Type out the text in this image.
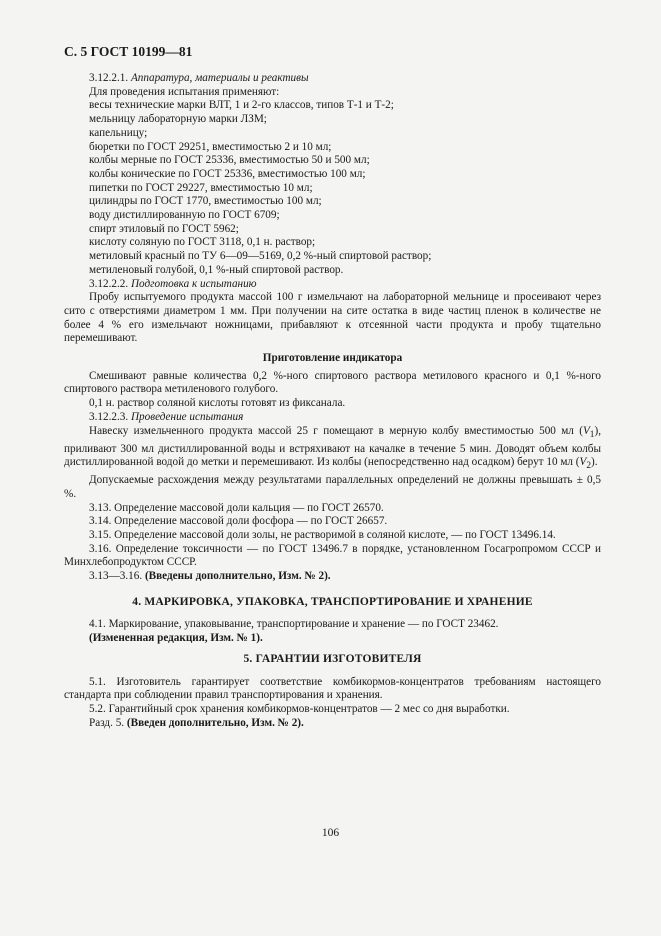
С. 5 ГОСТ 10199—81

3.12.2.1. Аппаратура, материалы и реактивы

Для проведения испытания применяют:

весы технические марки ВЛТ, 1 и 2-го классов, типов Т-1 и Т-2;

мельницу лабораторную марки ЛЗМ;

капельницу;

бюретки по ГОСТ 29251, вместимостью 2 и 10 мл;

колбы мерные по ГОСТ 25336, вместимостью 50 и 500 мл;

колбы конические по ГОСТ 25336, вместимостью 100 мл;

пипетки по ГОСТ 29227, вместимостью 10 мл;

цилиндры по ГОСТ 1770, вместимостью 100 мл;

воду дистиллированную по ГОСТ 6709;

спирт этиловый по ГОСТ 5962;

кислоту соляную по ГОСТ 3118, 0,1 н. раствор;

метиловый красный по ТУ 6—09—5169, 0,2 %-ный спиртовой раствор;

метиленовый голубой, 0,1 %-ный спиртовой раствор.

3.12.2.2. Подготовка к испытанию

Пробу испытуемого продукта массой 100 г измельчают на лабораторной мельнице и просеивают через сито с отверстиями диаметром 1 мм. При получении на сите остатка в виде частиц пленок в количестве не более 4 % его измельчают ножницами, прибавляют к отсеянной части продукта и пробу тщательно перемешивают.

Приготовление индикатора

Смешивают равные количества 0,2 %-ного спиртового раствора метилового красного и 0,1 %-ного спиртового раствора метиленового голубого.

0,1 н. раствор соляной кислоты готовят из фиксанала.

3.12.2.3. Проведение испытания

Навеску измельченного продукта массой 25 г помещают в мерную колбу вместимостью 500 мл $(V_1)$, приливают 300 мл дистиллированной воды и встряхивают на качалке в течение 5 мин. Доводят объем колбы дистиллированной водой до метки и перемешивают. Из колбы (непосредственно над осадком) берут 10 мл $(V_2)$.

Допускаемые расхождения между результатами параллельных определений не должны превышать ± 0,5 %.

3.13. Определение массовой доли кальция — по ГОСТ 26570.

3.14. Определение массовой доли фосфора — по ГОСТ 26657.

3.15. Определение массовой доли золы, не растворимой в соляной кислоте, — по ГОСТ 13496.14.

3.16. Определение токсичности — по ГОСТ 13496.7 в порядке, установленном Госагропромом СССР и Минхлебопродуктом СССР.

3.13—3.16. (Введены дополнительно, Изм. № 2).

4. МАРКИРОВКА, УПАКОВКА, ТРАНСПОРТИРОВАНИЕ И ХРАНЕНИЕ

4.1. Маркирование, упаковывание, транспортирование и хранение — по ГОСТ 23462.

(Измененная редакция, Изм. № 1).

5. ГАРАНТИИ ИЗГОТОВИТЕЛЯ

5.1. Изготовитель гарантирует соответствие комбикормов-концентратов требованиям настоящего стандарта при соблюдении правил транспортирования и хранения.

5.2. Гарантийный срок хранения комбикормов-концентратов — 2 мес со дня выработки.

Разд. 5. (Введен дополнительно, Изм. № 2).

106
